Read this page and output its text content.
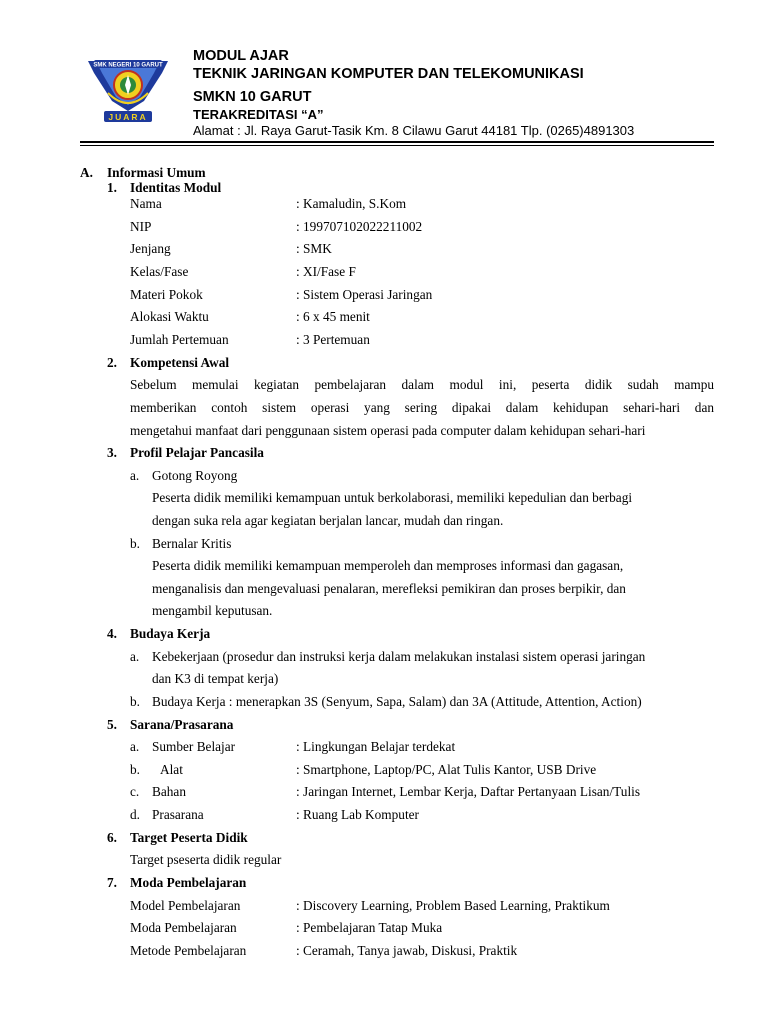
SMK NEGERI 10 GARUT
JUARA
MODUL AJAR
TEKNIK JARINGAN KOMPUTER DAN TELEKOMUNIKASI
SMKN 10 GARUT
TERAKREDITASI “A”
Alamat : Jl. Raya Garut-Tasik Km. 8 Cilawu Garut 44181 Tlp. (0265)4891303
A. Informasi Umum
1. Identitas Modul
Nama	: Kamaludin, S.Kom
NIP	: 199707102022211002
Jenjang	: SMK
Kelas/Fase	: XI/Fase F
Materi Pokok	: Sistem Operasi Jaringan
Alokasi Waktu	: 6 x 45 menit
Jumlah Pertemuan	: 3 Pertemuan
2. Kompetensi Awal
Sebelum memulai kegiatan pembelajaran dalam modul ini, peserta didik sudah mampu
memberikan contoh sistem operasi yang sering dipakai dalam kehidupan sehari-hari dan
mengetahui manfaat dari penggunaan sistem operasi pada computer dalam kehidupan sehari-hari
3. Profil Pelajar Pancasila
a. Gotong Royong
Peserta didik memiliki kemampuan untuk berkolaborasi, memiliki kepedulian dan berbagi
dengan suka rela agar kegiatan berjalan lancar, mudah dan ringan.
b. Bernalar Kritis
Peserta didik memiliki kemampuan memperoleh dan memproses informasi dan gagasan,
menganalisis dan mengevaluasi penalaran, merefleksi pemikiran dan proses berpikir, dan
mengambil keputusan.
4. Budaya Kerja
a. Kebekerjaan (prosedur dan instruksi kerja dalam melakukan instalasi sistem operasi jaringan
dan K3 di tempat kerja)
b. Budaya Kerja : menerapkan 3S (Senyum, Sapa, Salam) dan 3A (Attitude, Attention, Action)
5. Sarana/Prasarana
a. Sumber Belajar	: Lingkungan Belajar terdekat
b. Alat	: Smartphone, Laptop/PC, Alat Tulis Kantor, USB Drive
c. Bahan	: Jaringan Internet, Lembar Kerja, Daftar Pertanyaan Lisan/Tulis
d. Prasarana	: Ruang Lab Komputer
6. Target Peserta Didik
Target pseserta didik regular
7. Moda Pembelajaran
Model Pembelajaran	: Discovery Learning, Problem Based Learning, Praktikum
Moda Pembelajaran	: Pembelajaran Tatap Muka
Metode Pembelajaran	: Ceramah, Tanya jawab, Diskusi, Praktik
